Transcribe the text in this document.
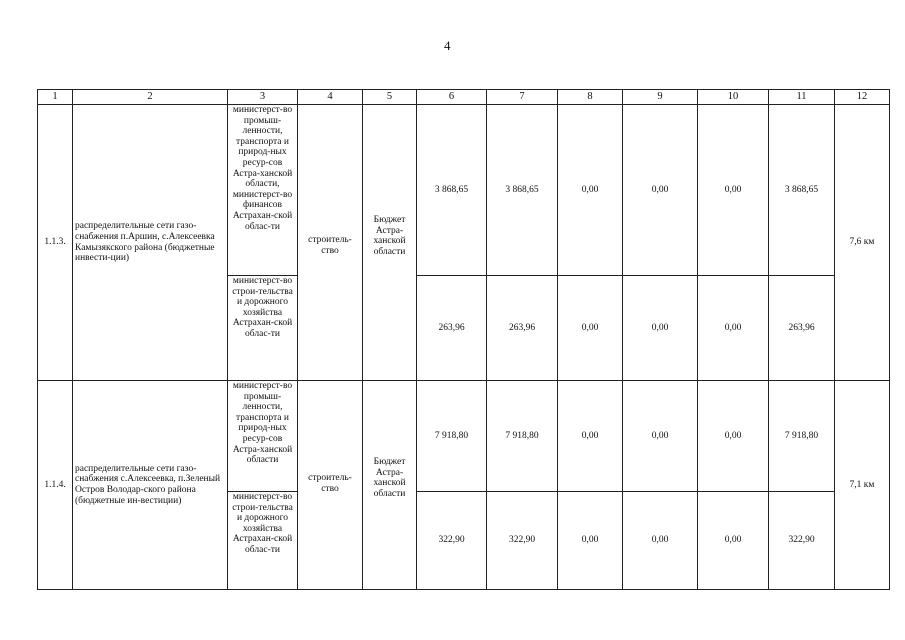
4
1	2	3	4	5	6	7	8	9	10	11	12
1.1.3.	распределительные сети газо-снабжения п.Аршин, с.Алексеевка Камызякского района (бюджетные инвести-ции)	министерст-во промыш-ленности, транспорта и природ-ных ресур-сов Астра-ханской области, министерст-во финансов Астрахан-ской облас-ти	строитель-ство	Бюджет Астра-ханской области	3 868,65	3 868,65	0,00	0,00	0,00	3 868,65	7,6 км
		министерст-во строи-тельства и дорожного хозяйства Астрахан-ской облас-ти			263,96	263,96	0,00	0,00	0,00	263,96	
1.1.4.	распределительные сети газо-снабжения с.Алексеевка, п.Зеленый Остров Володар-ского района (бюджетные ин-вестиции)	министерст-во промыш-ленности, транспорта и природ-ных ресур-сов Астра-ханской области	строитель-ство	Бюджет Астра-ханской области	7 918,80	7 918,80	0,00	0,00	0,00	7 918,80	7,1 км
		министерст-во строи-тельства и дорожного хозяйства Астрахан-ской облас-ти			322,90	322,90	0,00	0,00	0,00	322,90	
